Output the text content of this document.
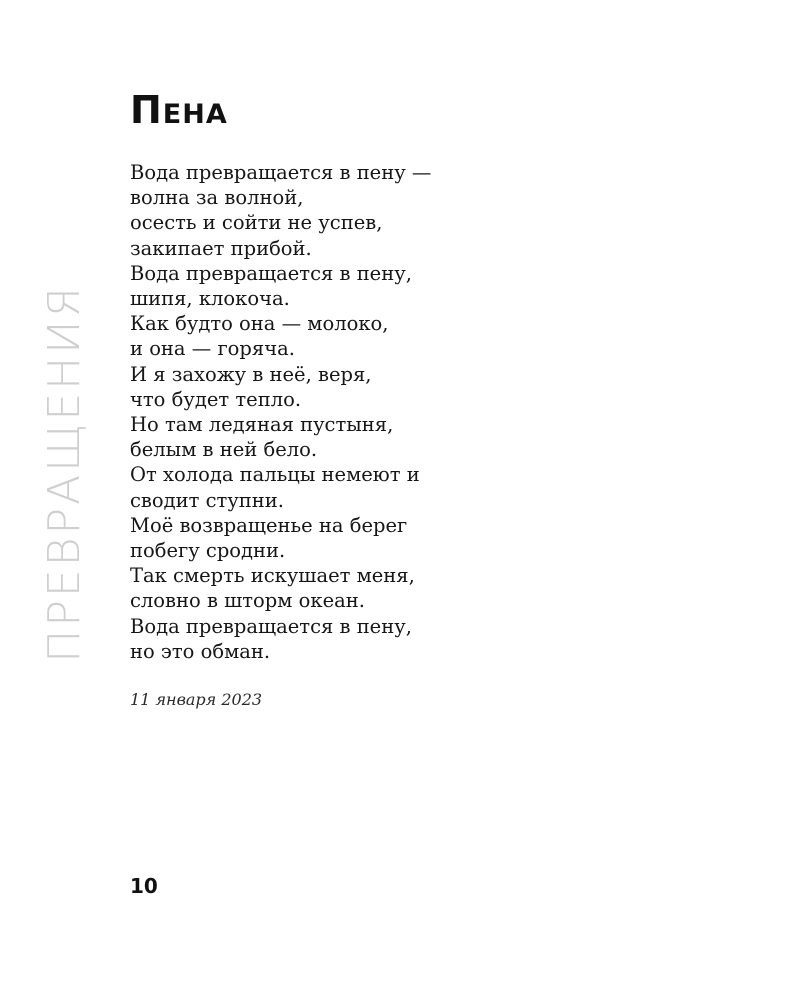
ПРЕВРАЩЕНИЯ
Пена
Вода превращается в пену —
волна за волной,
осесть и сойти не успев,
закипает прибой.
Вода превращается в пену,
шипя, клокоча.
Как будто она — молоко,
и она — горяча.
И я захожу в неё, веря,
что будет тепло.
Но там ледяная пустыня,
белым в ней бело.
От холода пальцы немеют и
сводит ступни.
Моё возвращенье на берег
побегу сродни.
Так смерть искушает меня,
словно в шторм океан.
Вода превращается в пену,
но это обман.
11 января 2023
10
